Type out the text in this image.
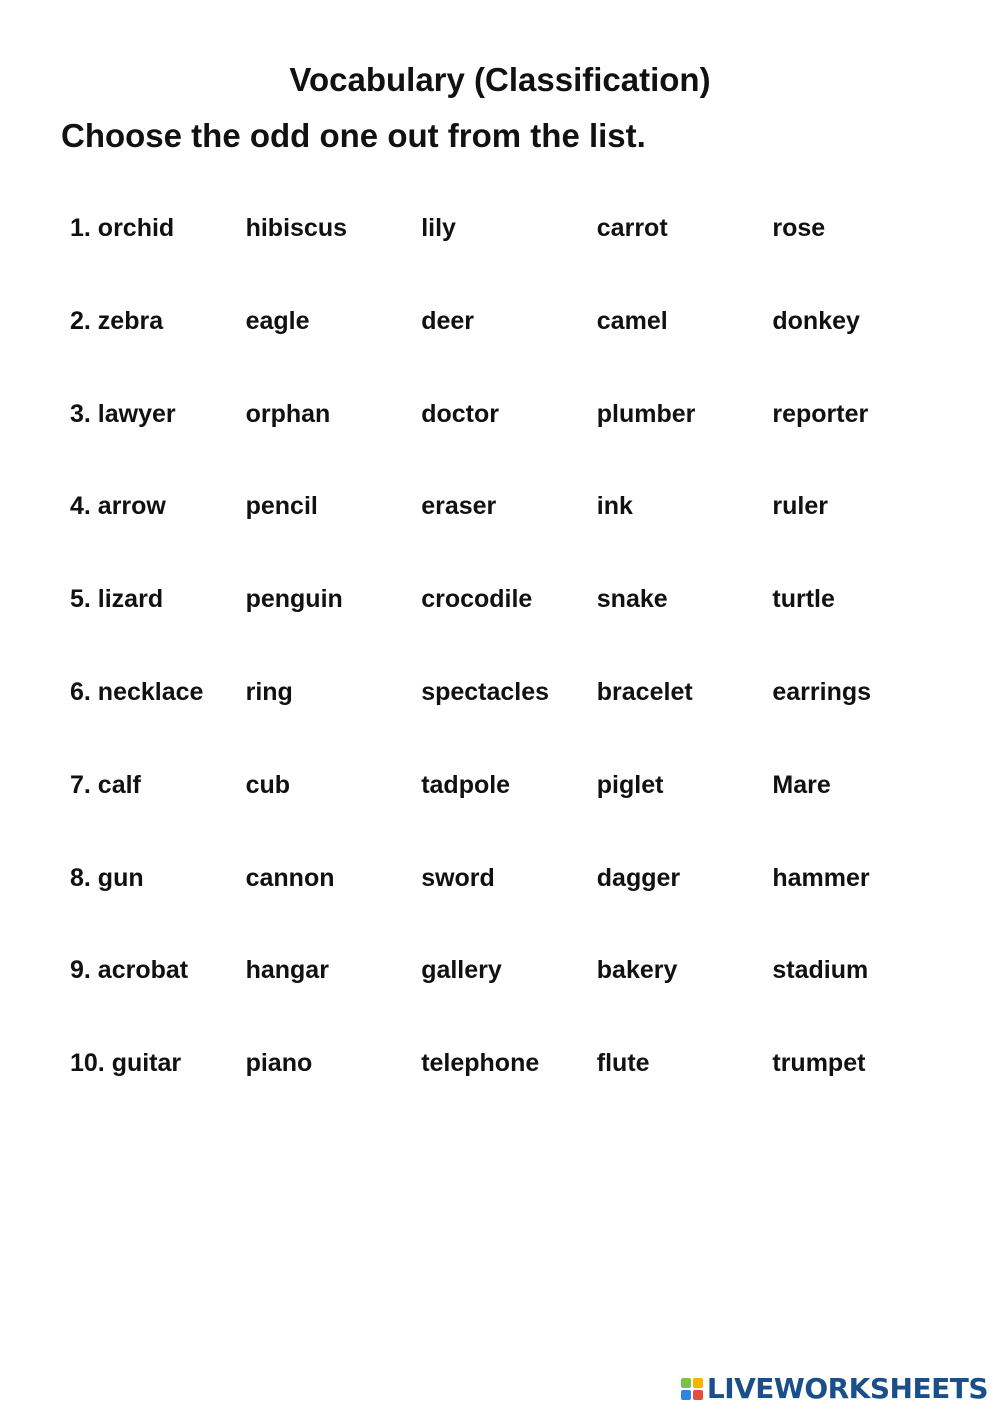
Vocabulary (Classification)
Choose the odd one out from the list.
1. orchid	hibiscus	lily	carrot	rose
2. zebra	eagle	deer	camel	donkey
3. lawyer	orphan	doctor	plumber	reporter
4. arrow	pencil	eraser	ink	ruler
5. lizard	penguin	crocodile	snake	turtle
6. necklace	ring	spectacles	bracelet	earrings
7. calf	cub	tadpole	piglet	Mare
8. gun	cannon	sword	dagger	hammer
9. acrobat	hangar	gallery	bakery	stadium
10. guitar	piano	telephone	flute	trumpet
LIVEWORKSHEETS
